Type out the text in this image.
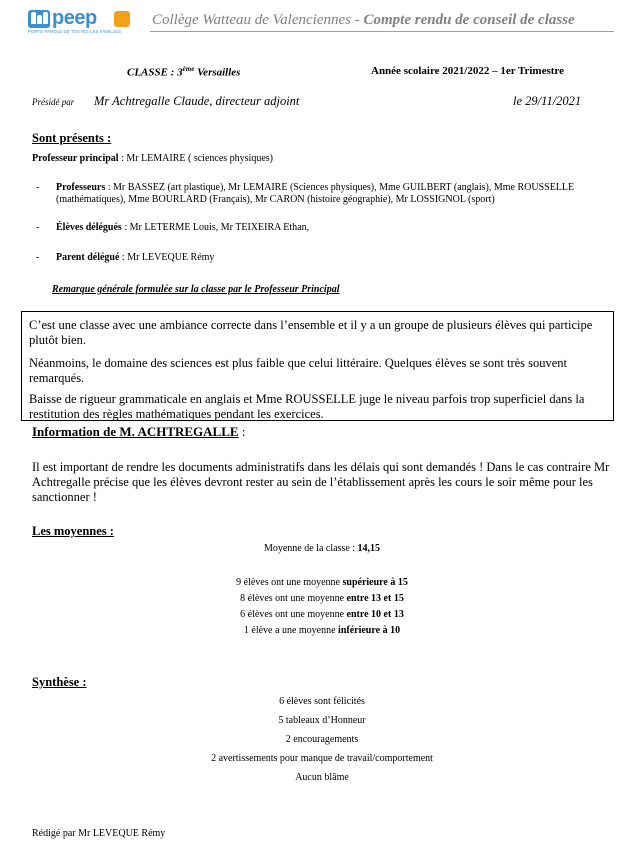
peep
PORTE PAROLE DE TOUTES LES FAMILLES
Collège Watteau de Valenciennes - Compte rendu de conseil de classe
CLASSE : 3ème Versailles	Année scolaire 2021/2022 – 1er Trimestre
Présidé par Mr Achtregalle Claude, directeur adjoint	le 29/11/2021
Sont présents :
Professeur principal : Mr LEMAIRE ( sciences physiques)
- Professeurs : Mr BASSEZ (art plastique), Mr LEMAIRE (Sciences physiques), Mme GUILBERT (anglais), Mme ROUSSELLE (mathématiques), Mme BOURLARD (Français), Mr CARON (histoire géographie), Mr LOSSIGNOL (sport)
- Élèves délégués : Mr LETERME Louis, Mr TEIXEIRA Ethan,
- Parent délégué : Mr LEVEQUE Rémy
Remarque générale formulée sur la classe par le Professeur Principal

C’est une classe avec une ambiance correcte dans l’ensemble et il y a un groupe de plusieurs élèves qui participe plutôt bien.

Néanmoins, le domaine des sciences est plus faible que celui littéraire. Quelques élèves se sont très souvent remarqués.

Baisse de rigueur grammaticale en anglais et Mme ROUSSELLE juge le niveau parfois trop superficiel dans la restitution des règles mathématiques pendant les exercices.

Information de M. ACHTREGALLE :
Il est important de rendre les documents administratifs dans les délais qui sont demandés ! Dans le cas contraire Mr Achtregalle précise que les élèves devront rester au sein de l’établissement après les cours le soir même pour les sanctionner !
Les moyennes :
Moyenne de la classe : 14,15
9 élèves ont une moyenne supérieure à 15
8 élèves ont une moyenne entre 13 et 15
6 élèves ont une moyenne entre 10 et 13
1 élève a une moyenne inférieure à 10
Synthèse :
6 élèves sont félicités
5 tableaux d’Honneur
2 encouragements
2 avertissements pour manque de travail/comportement
Aucun blâme
Rédigé par Mr LEVEQUE Rémy
